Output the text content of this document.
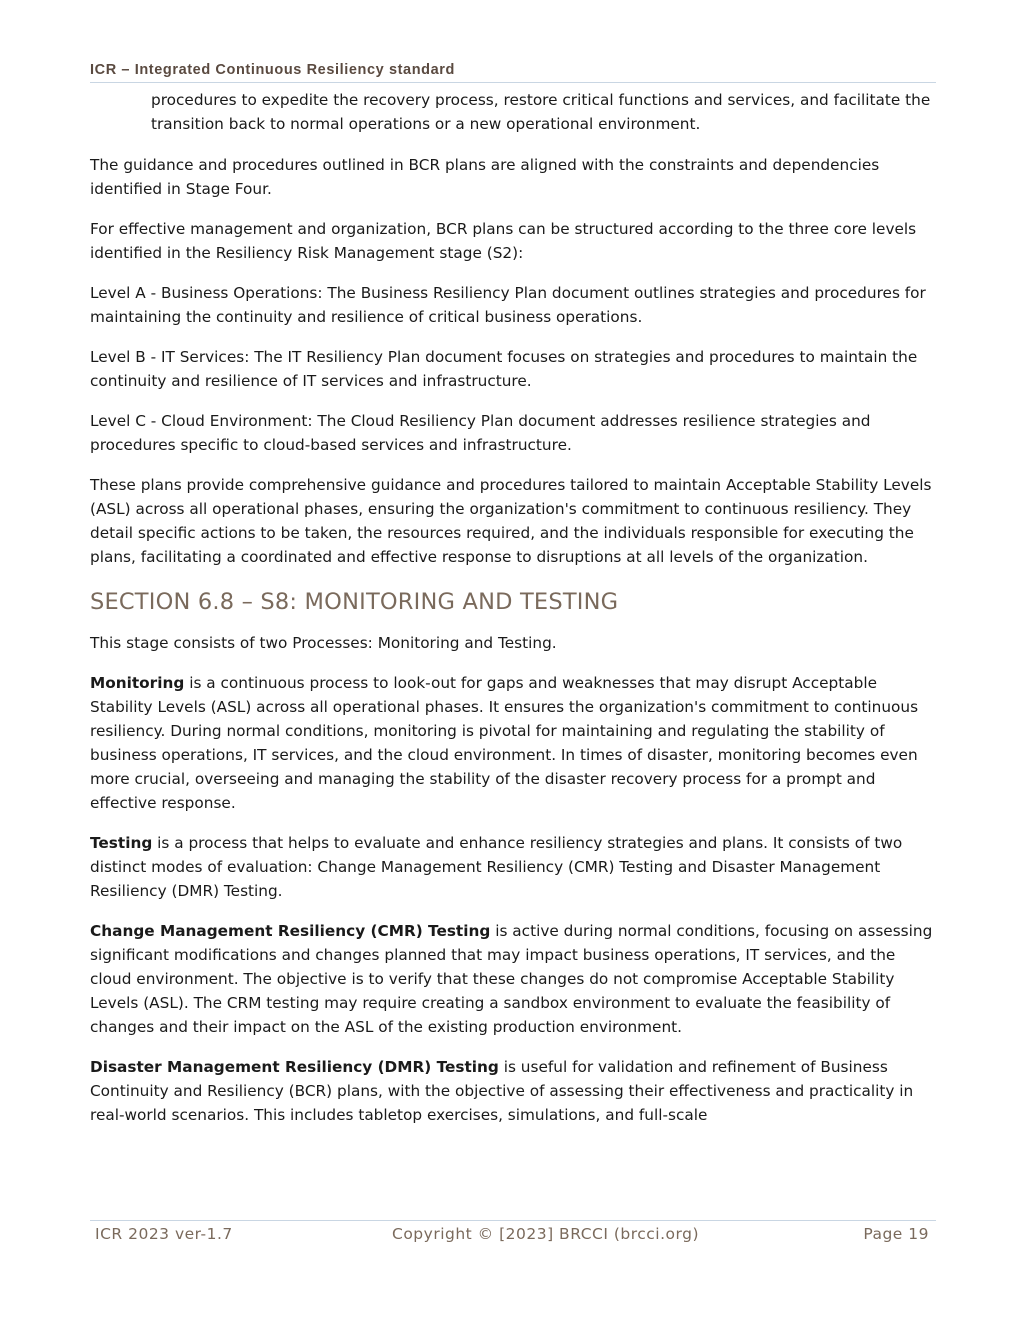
ICR – Integrated Continuous Resiliency standard

procedures to expedite the recovery process, restore critical functions and services, and facilitate the transition back to normal operations or a new operational environment.

The guidance and procedures outlined in BCR plans are aligned with the constraints and dependencies identified in Stage Four.

For effective management and organization, BCR plans can be structured according to the three core levels identified in the Resiliency Risk Management stage (S2):

Level A - Business Operations: The Business Resiliency Plan document outlines strategies and procedures for maintaining the continuity and resilience of critical business operations.

Level B - IT Services: The IT Resiliency Plan document focuses on strategies and procedures to maintain the continuity and resilience of IT services and infrastructure.

Level C - Cloud Environment: The Cloud Resiliency Plan document addresses resilience strategies and procedures specific to cloud-based services and infrastructure.

These plans provide comprehensive guidance and procedures tailored to maintain Acceptable Stability Levels (ASL) across all operational phases, ensuring the organization's commitment to continuous resiliency. They detail specific actions to be taken, the resources required, and the individuals responsible for executing the plans, facilitating a coordinated and effective response to disruptions at all levels of the organization.

SECTION 6.8 – S8: MONITORING AND TESTING

This stage consists of two Processes: Monitoring and Testing.

Monitoring is a continuous process to look-out for gaps and weaknesses that may disrupt Acceptable Stability Levels (ASL) across all operational phases. It ensures the organization's commitment to continuous resiliency. During normal conditions, monitoring is pivotal for maintaining and regulating the stability of business operations, IT services, and the cloud environment. In times of disaster, monitoring becomes even more crucial, overseeing and managing the stability of the disaster recovery process for a prompt and effective response.

Testing is a process that helps to evaluate and enhance resiliency strategies and plans. It consists of two distinct modes of evaluation: Change Management Resiliency (CMR) Testing and Disaster Management Resiliency (DMR) Testing.

Change Management Resiliency (CMR) Testing is active during normal conditions, focusing on assessing significant modifications and changes planned that may impact business operations, IT services, and the cloud environment. The objective is to verify that these changes do not compromise Acceptable Stability Levels (ASL). The CRM testing may require creating a sandbox environment to evaluate the feasibility of changes and their impact on the ASL of the existing production environment.

Disaster Management Resiliency (DMR) Testing is useful for validation and refinement of Business Continuity and Resiliency (BCR) plans, with the objective of assessing their effectiveness and practicality in real-world scenarios. This includes tabletop exercises, simulations, and full-scale

ICR 2023 ver-1.7	Copyright © [2023] BRCCI (brcci.org)	Page 19
